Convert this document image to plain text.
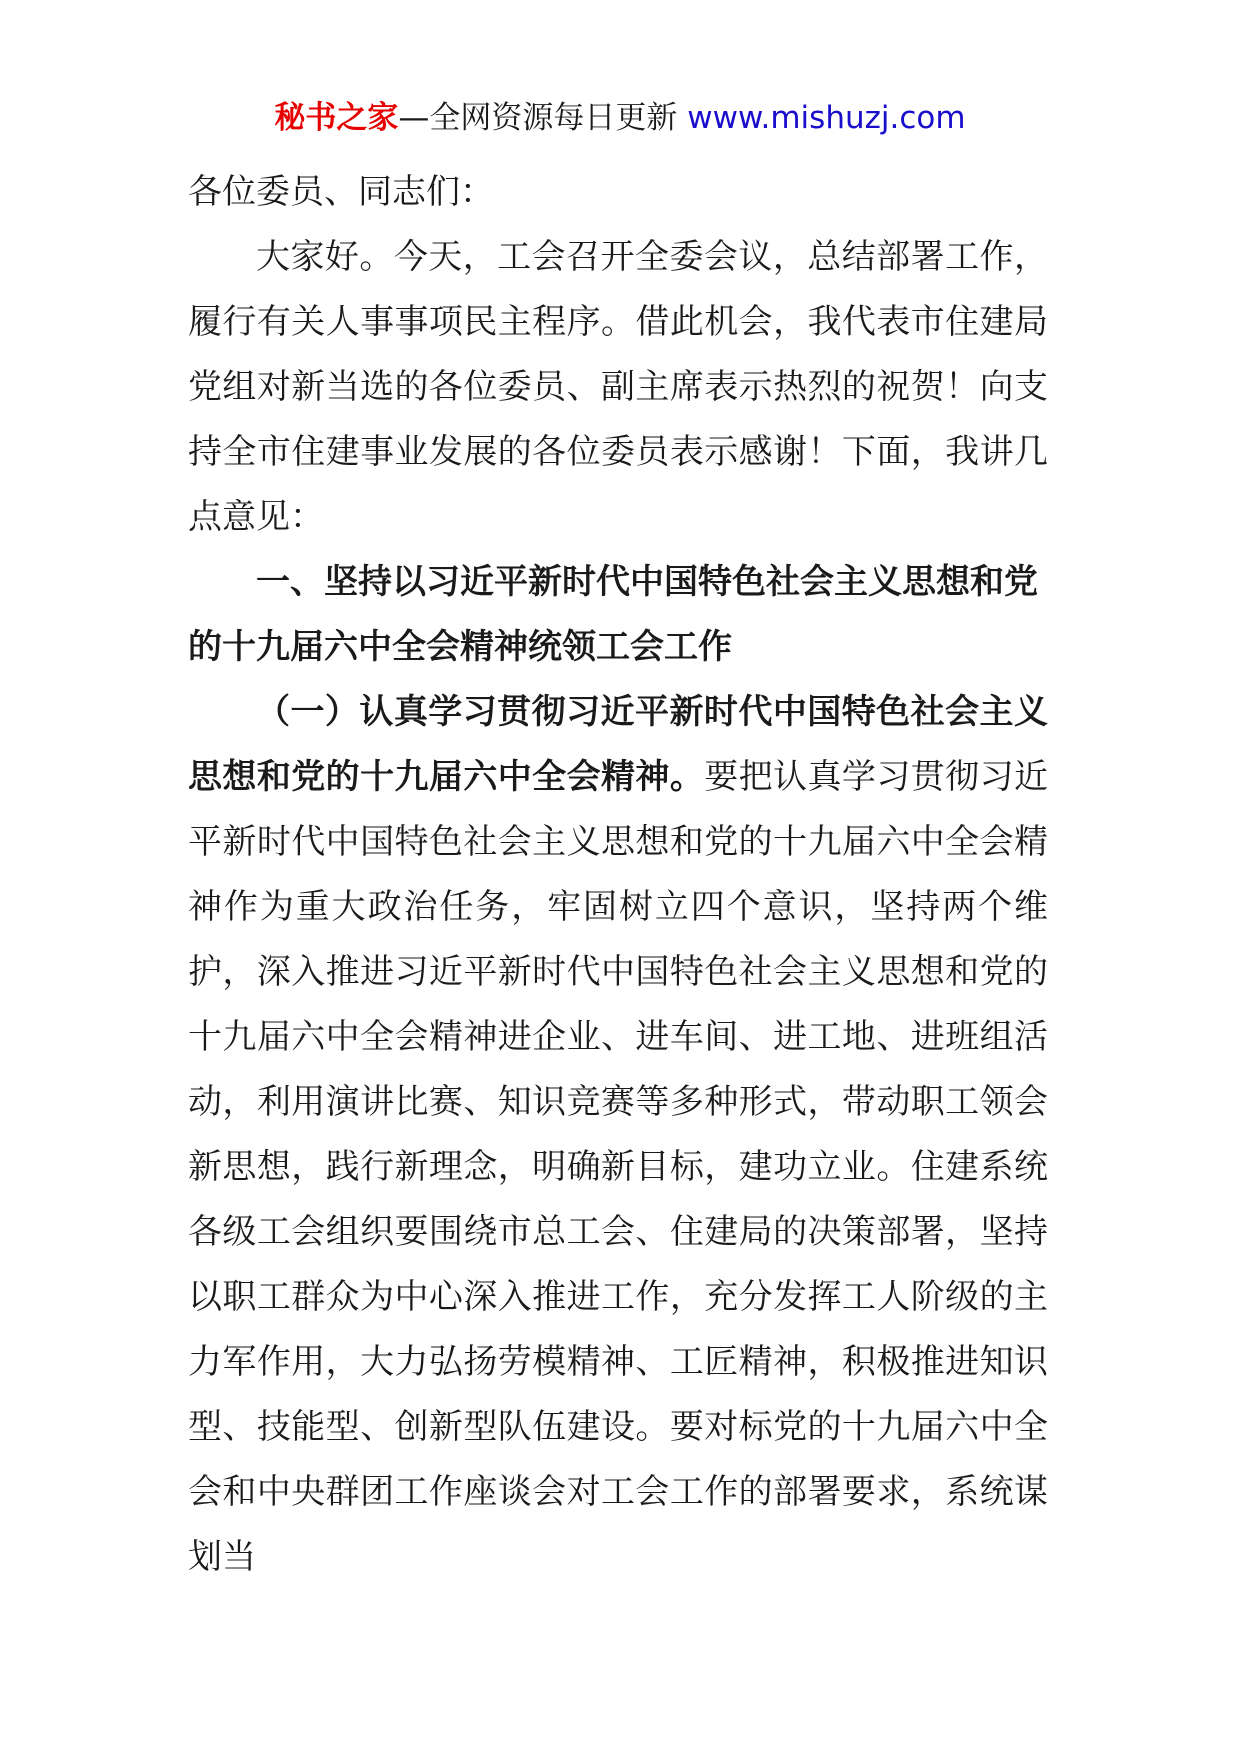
秘书之家—全网资源每日更新 www.mishuzj.com

各位委员、同志们：

大家好。今天，工会召开全委会议，总结部署工作，履行有关人事事项民主程序。借此机会，我代表市住建局党组对新当选的各位委员、副主席表示热烈的祝贺！向支持全市住建事业发展的各位委员表示感谢！下面，我讲几点意见：

一、坚持以习近平新时代中国特色社会主义思想和党的十九届六中全会精神统领工会工作

（一）认真学习贯彻习近平新时代中国特色社会主义思想和党的十九届六中全会精神。要把认真学习贯彻习近平新时代中国特色社会主义思想和党的十九届六中全会精神作为重大政治任务，牢固树立四个意识，坚持两个维护，深入推进习近平新时代中国特色社会主义思想和党的十九届六中全会精神进企业、进车间、进工地、进班组活动，利用演讲比赛、知识竞赛等多种形式，带动职工领会新思想，践行新理念，明确新目标，建功立业。住建系统各级工会组织要围绕市总工会、住建局的决策部署，坚持以职工群众为中心深入推进工作，充分发挥工人阶级的主力军作用，大力弘扬劳模精神、工匠精神，积极推进知识型、技能型、创新型队伍建设。要对标党的十九届六中全会和中央群团工作座谈会对工会工作的部署要求，系统谋划当
